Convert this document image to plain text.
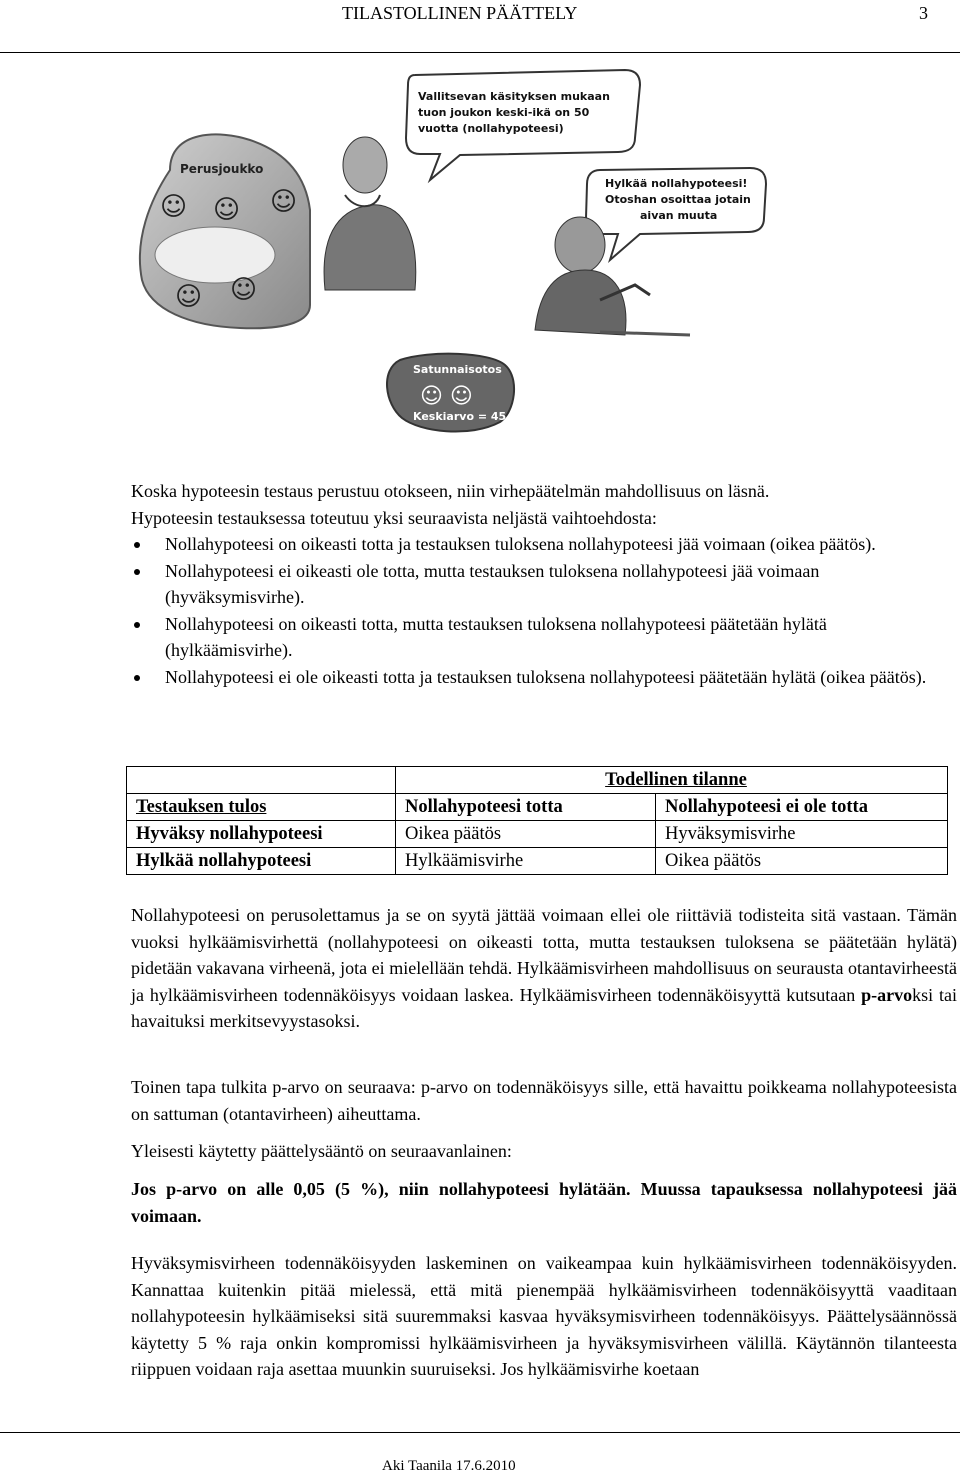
TILASTOLLINEN PÄÄTTELY	3
Perusjoukko
☺ ☺ ☺
☺ ☺
Vallitsevan käsityksen mukaan tuon joukon keski-ikä on 50 vuotta (nollahypoteesi)
Hylkää nollahypoteesi! Otoshan osoittaa jotain aivan muuta
Satunnaisotos
☺ ☺
Keskiarvo = 45

Koska hypoteesin testaus perustuu otokseen, niin virhepäätelmän mahdollisuus on läsnä.

Hypoteesin testauksessa toteutuu yksi seuraavista neljästä vaihtoehdosta:

Nollahypoteesi on oikeasti totta ja testauksen tuloksena nollahypoteesi jää voimaan (oikea päätös).
Nollahypoteesi ei oikeasti ole totta, mutta testauksen tuloksena nollahypoteesi jää voimaan (hyväksymisvirhe).
Nollahypoteesi on oikeasti totta, mutta testauksen tuloksena nollahypoteesi päätetään hylätä (hylkäämisvirhe).
Nollahypoteesi ei ole oikeasti totta ja testauksen tuloksena nollahypoteesi päätetään hylätä (oikea päätös).
	Todellinen tilanne	
Testauksen tulos	Nollahypoteesi totta	Nollahypoteesi ei ole totta
Hyväksy nollahypoteesi	Oikea päätös	Hyväksymisvirhe
Hylkää nollahypoteesi	Hylkäämisvirhe	Oikea päätös

Nollahypoteesi on perusolettamus ja se on syytä jättää voimaan ellei ole riittäviä todisteita sitä vastaan. Tämän vuoksi hylkäämisvirhettä (nollahypoteesi on oikeasti totta, mutta testauksen tuloksena se päätetään hylätä) pidetään vakavana virheenä, jota ei mielellään tehdä. Hylkäämisvirheen mahdollisuus on seurausta otantavirheestä ja hylkäämisvirheen todennäköisyys voidaan laskea. Hylkäämisvirheen todennäköisyyttä kutsutaan p-arvoksi tai havaituksi merkitsevyystasoksi.

Toinen tapa tulkita p-arvo on seuraava: p-arvo on todennäköisyys sille, että havaittu poikkeama nollahypoteesista on sattuman (otantavirheen) aiheuttama.

Yleisesti käytetty päättelysääntö on seuraavanlainen:

Jos p-arvo on alle 0,05 (5 %), niin nollahypoteesi hylätään. Muussa tapauksessa nollahypoteesi jää voimaan.

Hyväksymisvirheen todennäköisyyden laskeminen on vaikeampaa kuin hylkäämisvirheen todennäköisyyden. Kannattaa kuitenkin pitää mielessä, että mitä pienempää hylkäämisvirheen todennäköisyyttä vaaditaan nollahypoteesin hylkäämiseksi sitä suuremmaksi kasvaa hyväksymisvirheen todennäköisyys. Päättelysäännössä käytetty 5 % raja onkin kompromissi hylkäämisvirheen ja hyväksymisvirheen välillä. Käytännön tilanteesta riippuen voidaan raja asettaa muunkin suuruiseksi. Jos hylkäämisvirhe koetaan

Aki Taanila 17.6.2010
